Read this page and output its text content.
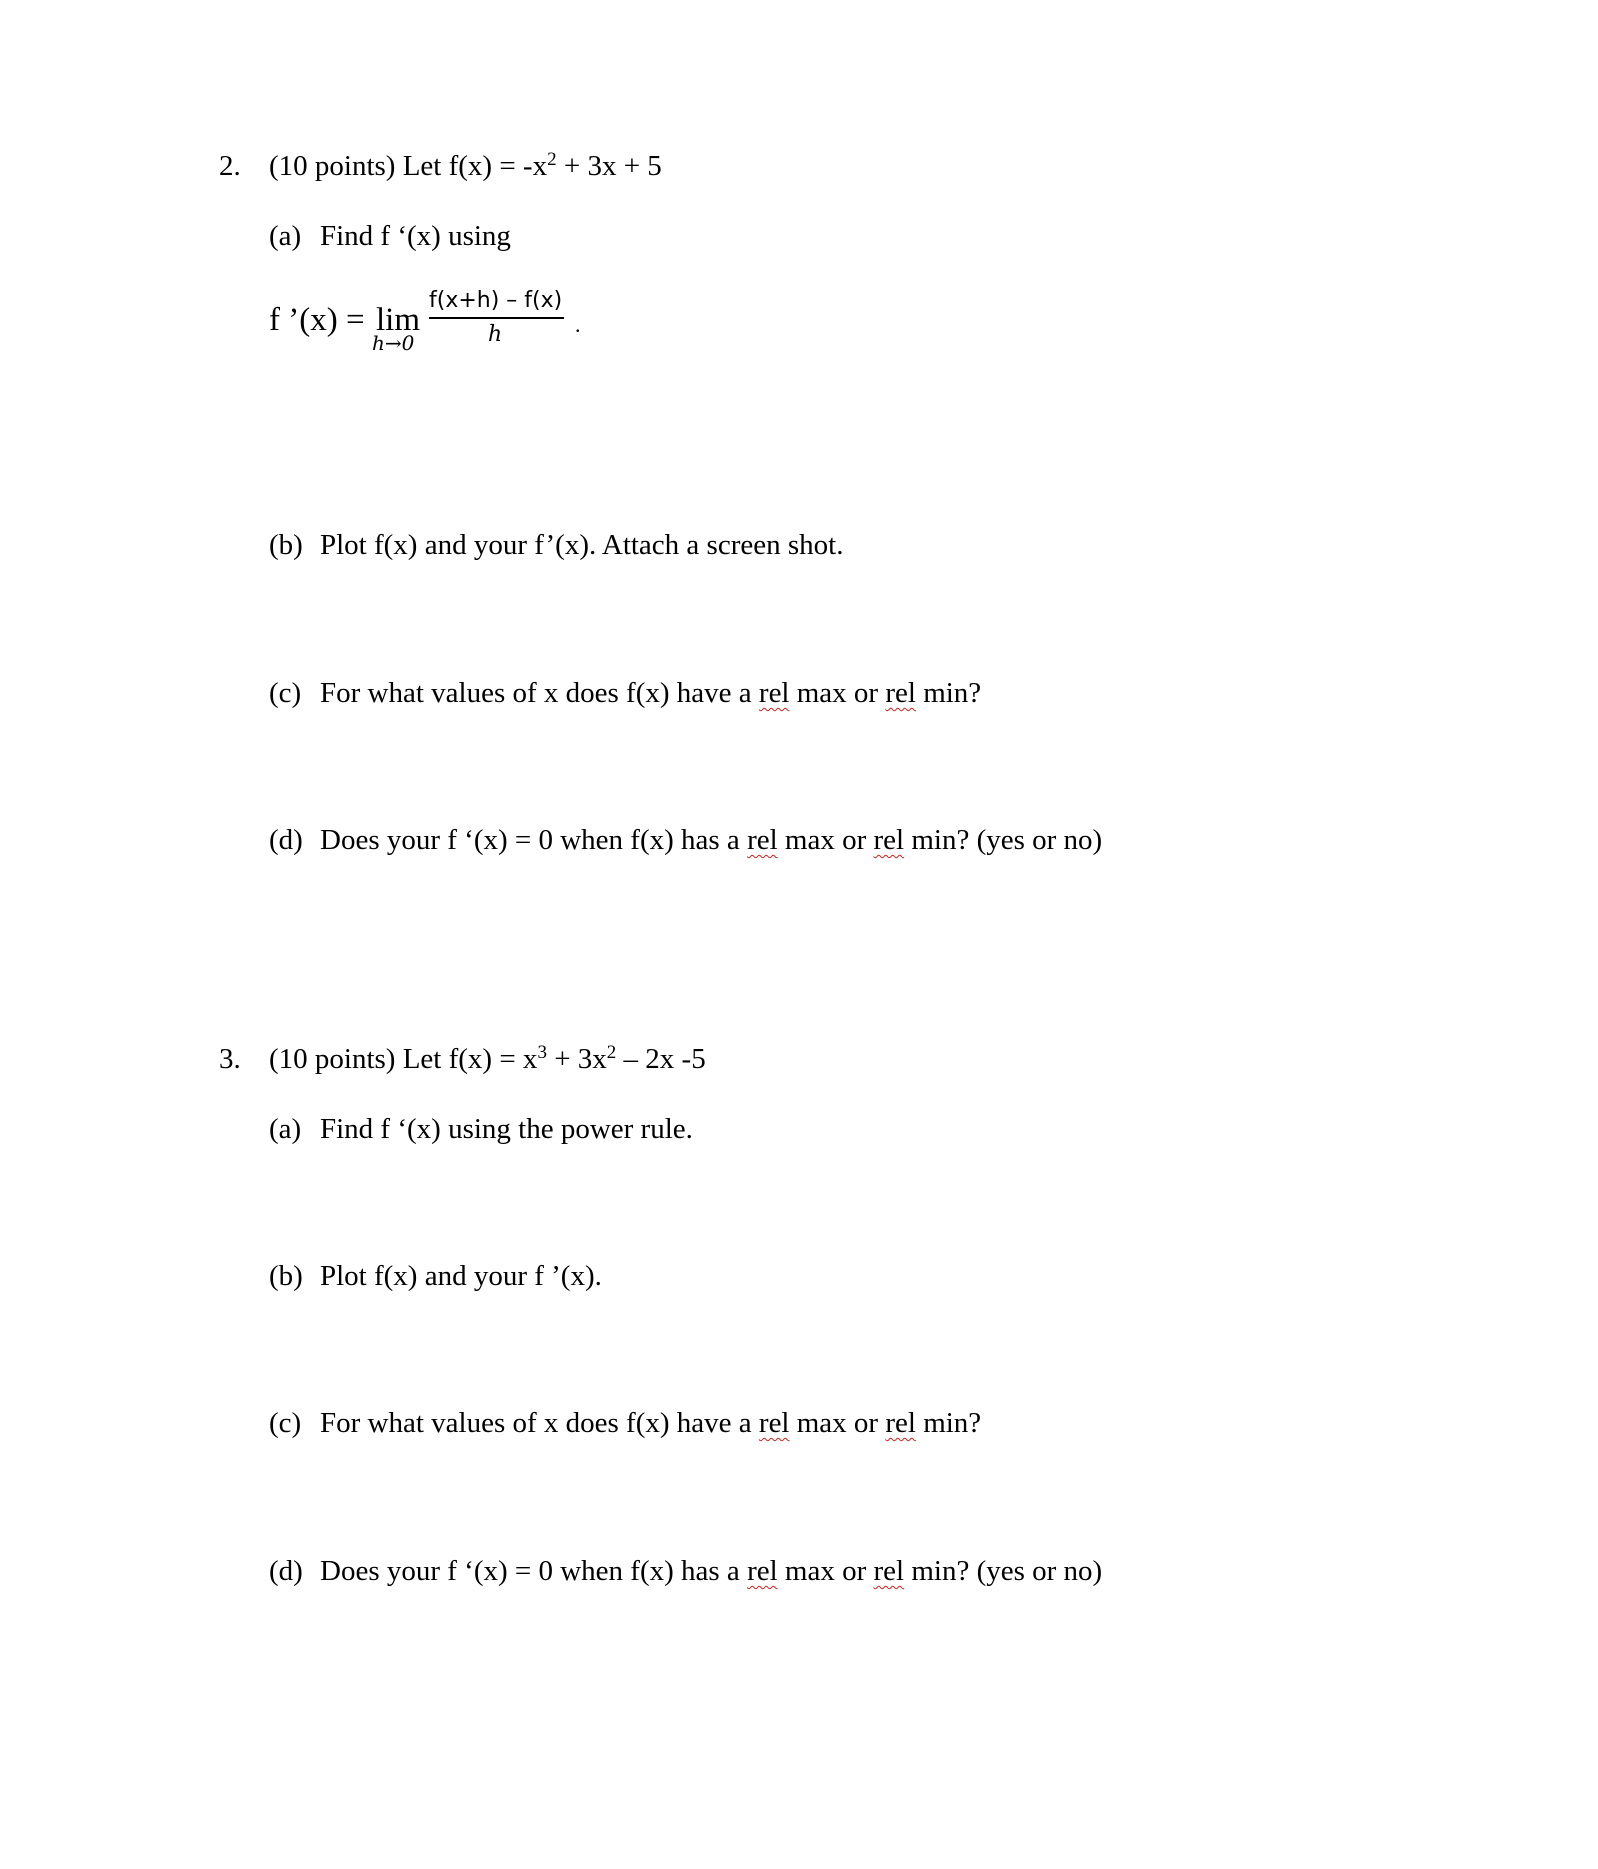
2. (10 points) Let $f(x) = -x^2 + 3x + 5$
(a) Find f ‘(x) using
f ’(x) = lim
h→0
f(x+h) – f(x)
h	.
(b) Plot f(x) and your f’(x). Attach a screen shot.
(c) For what values of x does f(x) have a rel max or rel min?
(d) Does your f ‘(x) = 0 when f(x) has a rel max or rel min? (yes or no)
3. (10 points) Let $f(x) = x^3 + 3x^2 - 2x$ -5
(a) Find f ‘(x) using the power rule.
(b) Plot f(x) and your f ’(x).
(c) For what values of x does f(x) have a rel max or rel min?
(d) Does your f ‘(x) = 0 when f(x) has a rel max or rel min? (yes or no)
